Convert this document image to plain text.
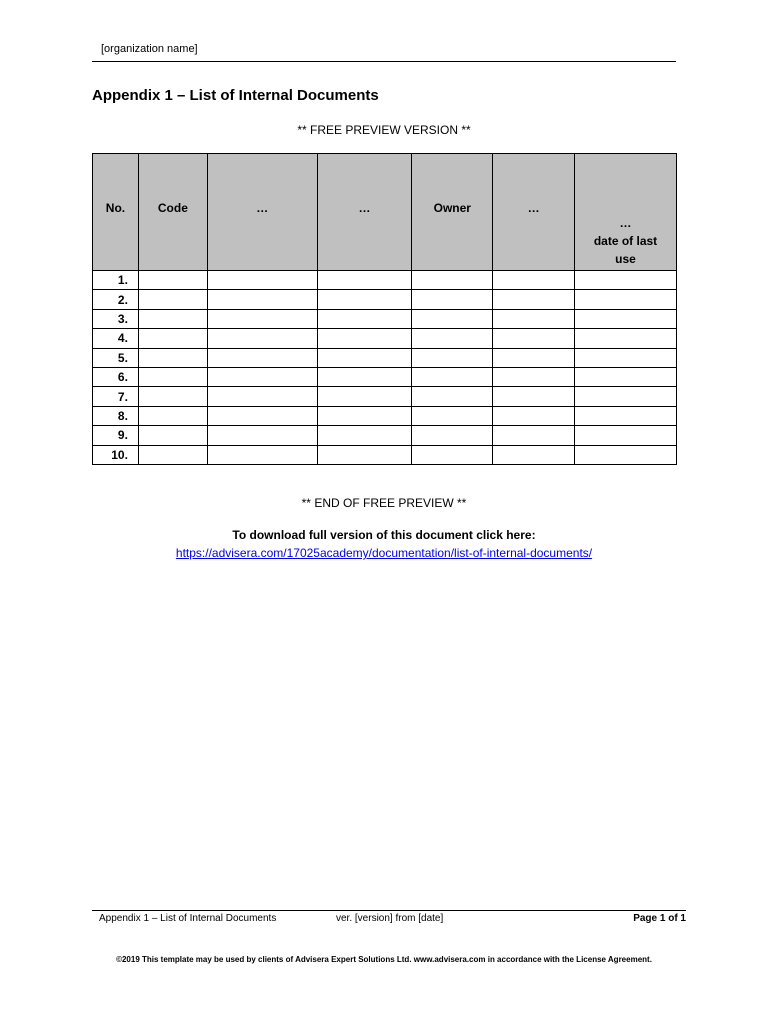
[organization name]
Appendix 1 – List of Internal Documents
** FREE PREVIEW VERSION **
No.	Code	…	…	Owner	…	…
date of last use

1.						
2.						
3.						
4.						
5.						
6.						
7.						
8.						
9.						
10.						
** END OF FREE PREVIEW **
To download full version of this document click here:
https://advisera.com/17025academy/documentation/list-of-internal-documents/
Appendix 1 – List of Internal Documents	ver. [version] from [date]	Page 1 of 1
©2019 This template may be used by clients of Advisera Expert Solutions Ltd. www.advisera.com in accordance with the License Agreement.
